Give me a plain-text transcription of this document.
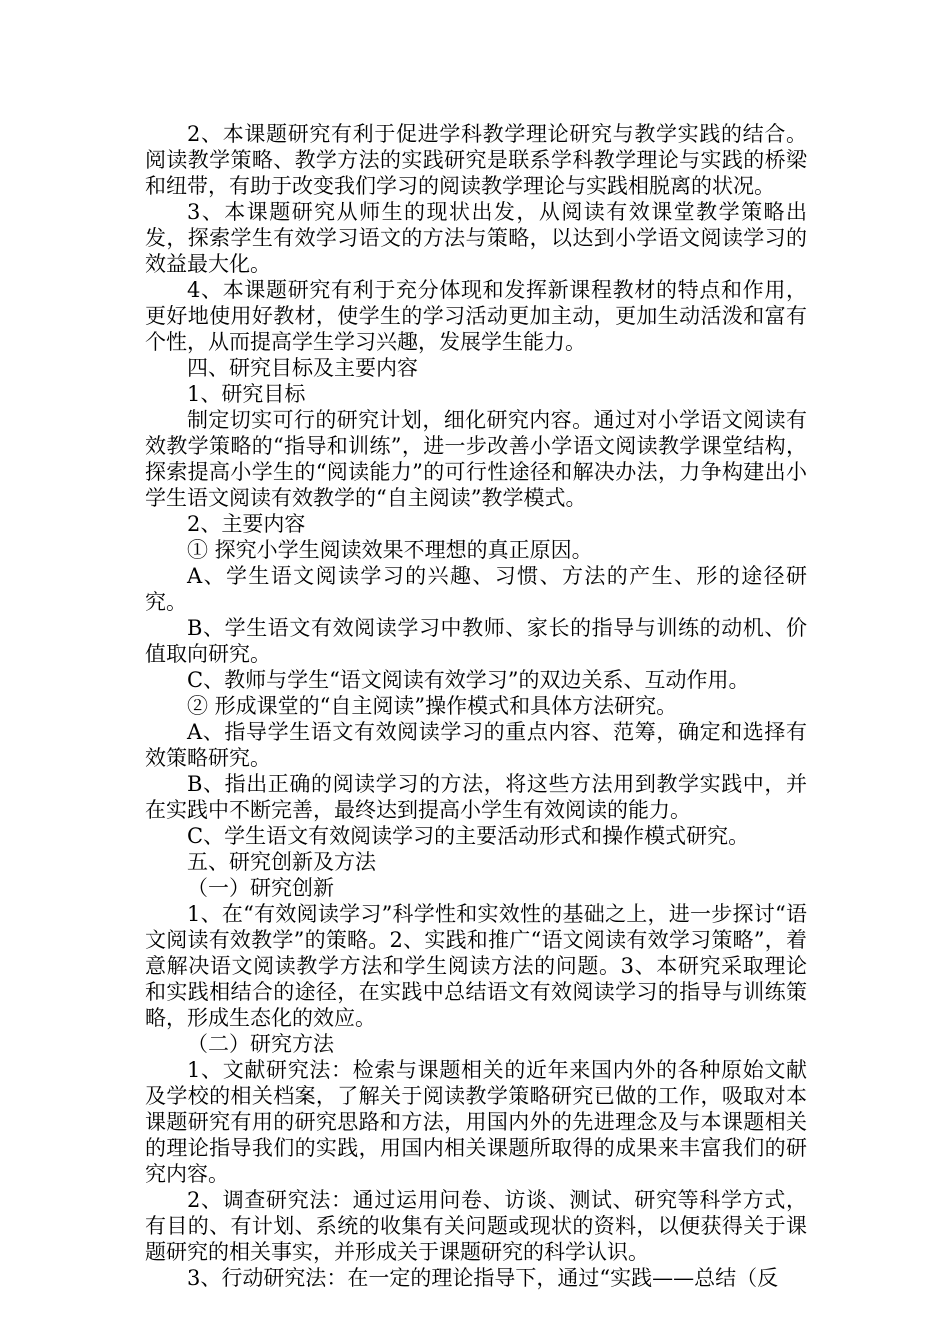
2、本课题研究有利于促进学科教学理论研究与教学实践的结合。阅读教学策略、教学方法的实践研究是联系学科教学理论与实践的桥梁和纽带，有助于改变我们学习的阅读教学理论与实践相脱离的状况。

3、本课题研究从师生的现状出发，从阅读有效课堂教学策略出发，探索学生有效学习语文的方法与策略，以达到小学语文阅读学习的效益最大化。

4、本课题研究有利于充分体现和发挥新课程教材的特点和作用，更好地使用好教材，使学生的学习活动更加主动，更加生动活泼和富有个性，从而提高学生学习兴趣，发展学生能力。

四、研究目标及主要内容

1、研究目标

制定切实可行的研究计划，细化研究内容。通过对小学语文阅读有效教学策略的“指导和训练”，进一步改善小学语文阅读教学课堂结构，探索提高小学生的“阅读能力”的可行性途径和解决办法，力争构建出小学生语文阅读有效教学的“自主阅读”教学模式。

2、主要内容

① 探究小学生阅读效果不理想的真正原因。

A、学生语文阅读学习的兴趣、习惯、方法的产生、形的途径研究。

B、学生语文有效阅读学习中教师、家长的指导与训练的动机、价值取向研究。

C、教师与学生“语文阅读有效学习”的双边关系、互动作用。

② 形成课堂的“自主阅读”操作模式和具体方法研究。

A、指导学生语文有效阅读学习的重点内容、范筹，确定和选择有效策略研究。

B、指出正确的阅读学习的方法，将这些方法用到教学实践中，并在实践中不断完善，最终达到提高小学生有效阅读的能力。

C、学生语文有效阅读学习的主要活动形式和操作模式研究。

五、研究创新及方法

（一）研究创新

1、在“有效阅读学习”科学性和实效性的基础之上，进一步探讨“语文阅读有效教学”的策略。2、实践和推广“语文阅读有效学习策略”，着意解决语文阅读教学方法和学生阅读方法的问题。3、本研究采取理论和实践相结合的途径，在实践中总结语文有效阅读学习的指导与训练策略，形成生态化的效应。

（二）研究方法

1、文献研究法：检索与课题相关的近年来国内外的各种原始文献及学校的相关档案，了解关于阅读教学策略研究已做的工作，吸取对本课题研究有用的研究思路和方法，用国内外的先进理念及与本课题相关的理论指导我们的实践，用国内相关课题所取得的成果来丰富我们的研究内容。

2、调查研究法：通过运用问卷、访谈、测试、研究等科学方式，有目的、有计划、系统的收集有关问题或现状的资料，以便获得关于课题研究的相关事实，并形成关于课题研究的科学认识。

3、行动研究法：在一定的理论指导下，通过“实践——总结（反
